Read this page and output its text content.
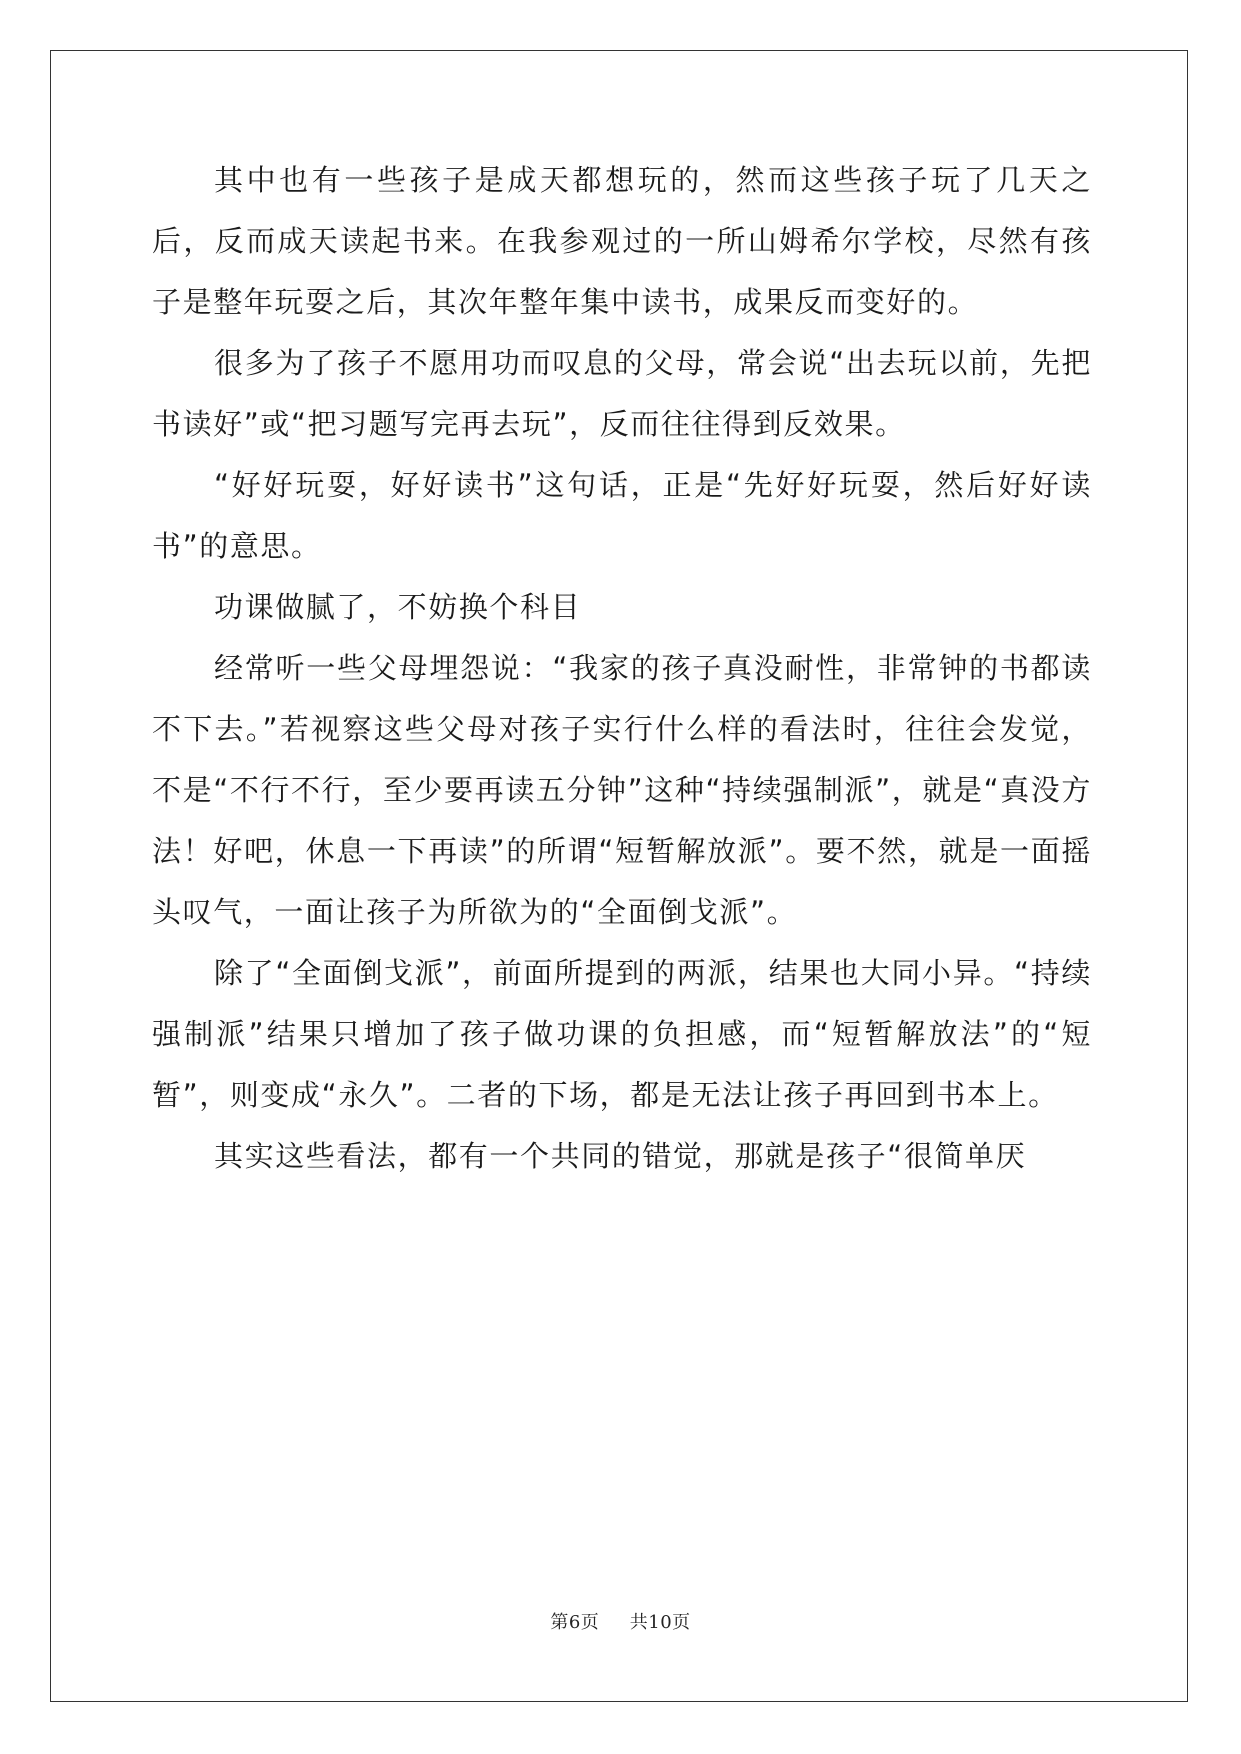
其中也有一些孩子是成天都想玩的，然而这些孩子玩了几天之后，反而成天读起书来。在我参观过的一所山姆希尔学校，尽然有孩子是整年玩耍之后，其次年整年集中读书，成果反而变好的。

很多为了孩子不愿用功而叹息的父母，常会说“出去玩以前，先把书读好”或“把习题写完再去玩”，反而往往得到反效果。

“好好玩耍，好好读书”这句话，正是“先好好玩耍，然后好好读书”的意思。

功课做腻了，不妨换个科目

经常听一些父母埋怨说：“我家的孩子真没耐性，非常钟的书都读不下去。”若视察这些父母对孩子实行什么样的看法时，往往会发觉，不是“不行不行，至少要再读五分钟”这种“持续强制派”，就是“真没方法！好吧，休息一下再读”的所谓“短暂解放派”。要不然，就是一面摇头叹气，一面让孩子为所欲为的“全面倒戈派”。

除了“全面倒戈派”，前面所提到的两派，结果也大同小异。“持续强制派”结果只增加了孩子做功课的负担感，而“短暂解放法”的“短暂”，则变成“永久”。二者的下场，都是无法让孩子再回到书本上。

其实这些看法，都有一个共同的错觉，那就是孩子“很简单厌

第6页 共10页
